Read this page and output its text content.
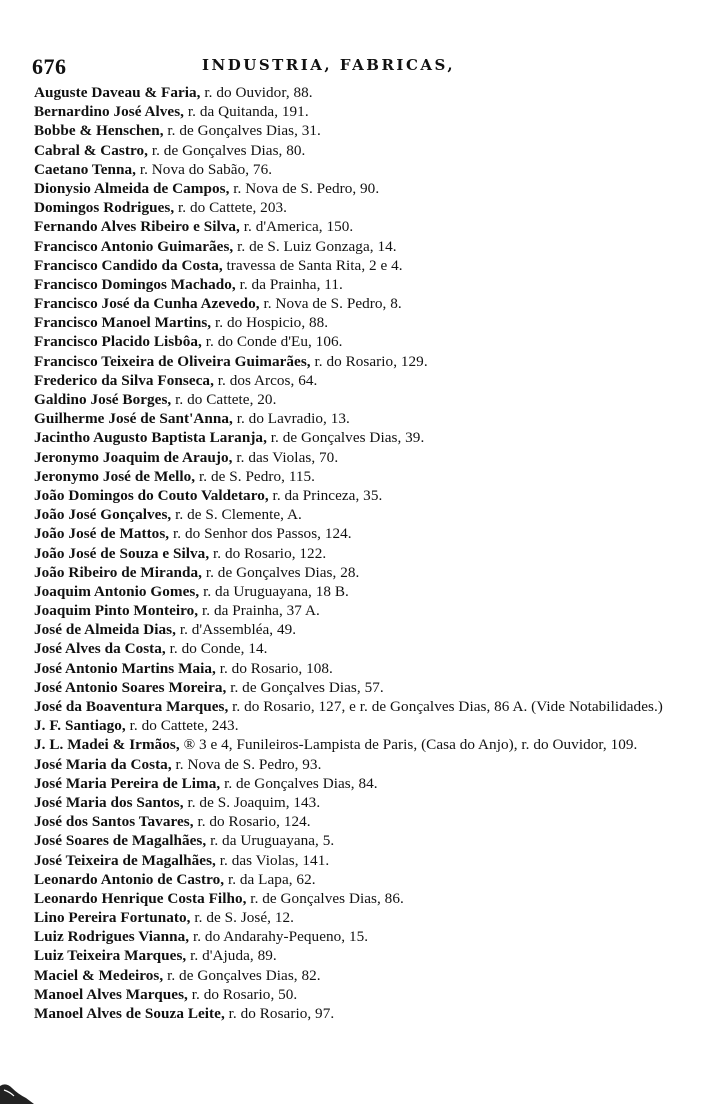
676	INDUSTRIA, FABRICAS,
Auguste Daveau & Faria, r. do Ouvidor, 88.
Bernardino José Alves, r. da Quitanda, 191.
Bobbe & Henschen, r. de Gonçalves Dias, 31.
Cabral & Castro, r. de Gonçalves Dias, 80.
Caetano Tenna, r. Nova do Sabão, 76.
Dionysio Almeida de Campos, r. Nova de S. Pedro, 90.
Domingos Rodrigues, r. do Cattete, 203.
Fernando Alves Ribeiro e Silva, r. d'America, 150.
Francisco Antonio Guimarães, r. de S. Luiz Gonzaga, 14.
Francisco Candido da Costa, travessa de Santa Rita, 2 e 4.
Francisco Domingos Machado, r. da Prainha, 11.
Francisco José da Cunha Azevedo, r. Nova de S. Pedro, 8.
Francisco Manoel Martins, r. do Hospicio, 88.
Francisco Placido Lisbôa, r. do Conde d'Eu, 106.
Francisco Teixeira de Oliveira Guimarães, r. do Rosario, 129.
Frederico da Silva Fonseca, r. dos Arcos, 64.
Galdino José Borges, r. do Cattete, 20.
Guilherme José de Sant'Anna, r. do Lavradio, 13.
Jacintho Augusto Baptista Laranja, r. de Gonçalves Dias, 39.
Jeronymo Joaquim de Araujo, r. das Violas, 70.
Jeronymo José de Mello, r. de S. Pedro, 115.
João Domingos do Couto Valdetaro, r. da Princeza, 35.
João José Gonçalves, r. de S. Clemente, A.
João José de Mattos, r. do Senhor dos Passos, 124.
João José de Souza e Silva, r. do Rosario, 122.
João Ribeiro de Miranda, r. de Gonçalves Dias, 28.
Joaquim Antonio Gomes, r. da Uruguayana, 18 B.
Joaquim Pinto Monteiro, r. da Prainha, 37 A.
José de Almeida Dias, r. d'Assembléa, 49.
José Alves da Costa, r. do Conde, 14.
José Antonio Martins Maia, r. do Rosario, 108.
José Antonio Soares Moreira, r. de Gonçalves Dias, 57.
José da Boaventura Marques, r. do Rosario, 127, e r. de Gonçalves Dias, 86 A. (Vide Notabilidades.)
J. F. Santiago, r. do Cattete, 243.
J. L. Madei & Irmãos, ® 3 e 4, Funileiros-Lampista de Paris, (Casa do Anjo), r. do Ouvidor, 109.
José Maria da Costa, r. Nova de S. Pedro, 93.
José Maria Pereira de Lima, r. de Gonçalves Dias, 84.
José Maria dos Santos, r. de S. Joaquim, 143.
José dos Santos Tavares, r. do Rosario, 124.
José Soares de Magalhães, r. da Uruguayana, 5.
José Teixeira de Magalhães, r. das Violas, 141.
Leonardo Antonio de Castro, r. da Lapa, 62.
Leonardo Henrique Costa Filho, r. de Gonçalves Dias, 86.
Lino Pereira Fortunato, r. de S. José, 12.
Luiz Rodrigues Vianna, r. do Andarahy-Pequeno, 15.
Luiz Teixeira Marques, r. d'Ajuda, 89.
Maciel & Medeiros, r. de Gonçalves Dias, 82.
Manoel Alves Marques, r. do Rosario, 50.
Manoel Alves de Souza Leite, r. do Rosario, 97.
